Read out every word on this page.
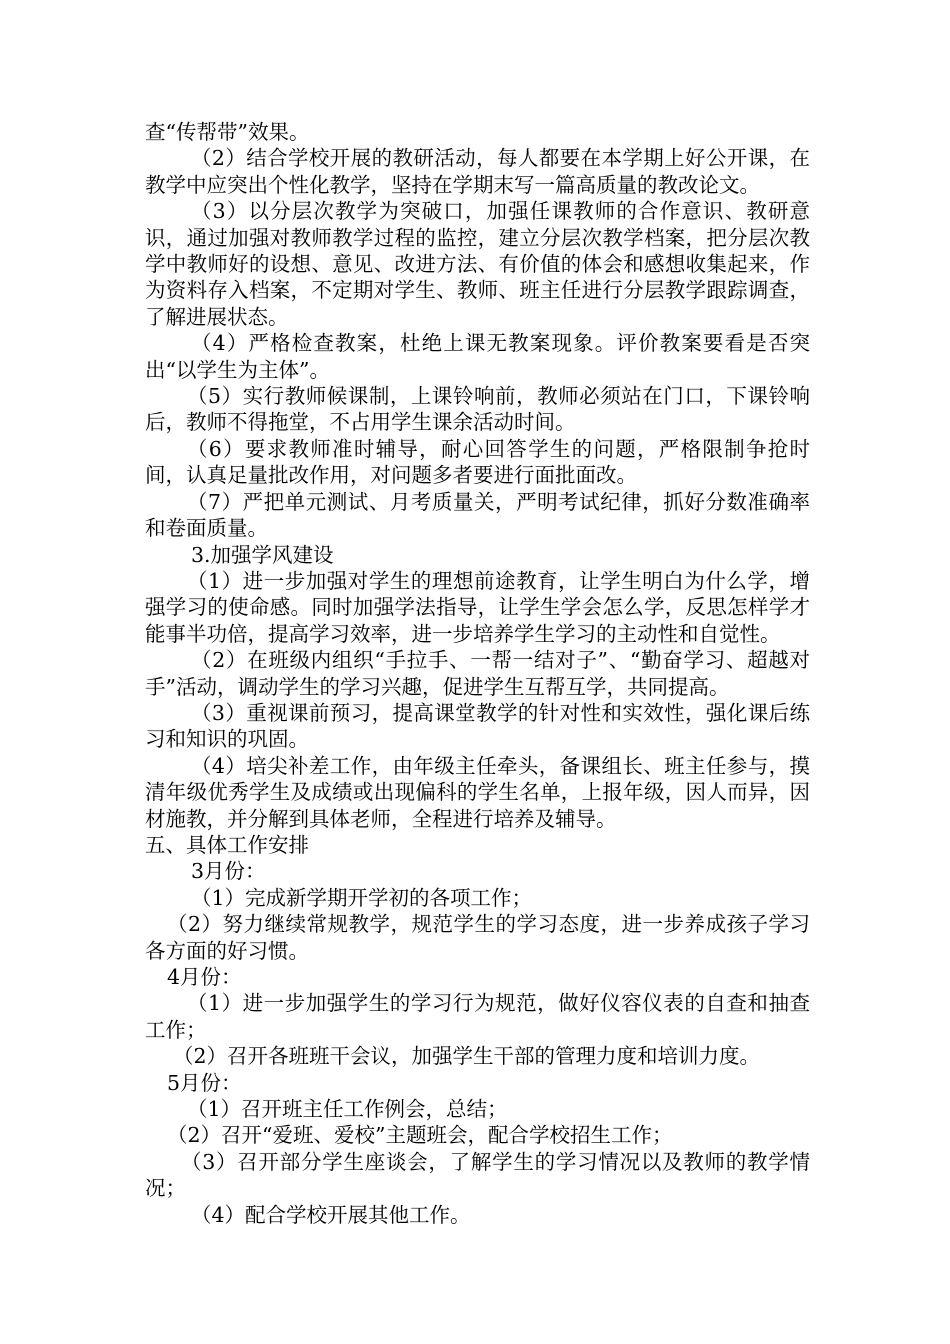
查“传帮带”效果。

（2）结合学校开展的教研活动，每人都要在本学期上好公开课，在教学中应突出个性化教学，坚持在学期末写一篇高质量的教改论文。

（3）以分层次教学为突破口，加强任课教师的合作意识、教研意识，通过加强对教师教学过程的监控，建立分层次教学档案，把分层次教学中教师好的设想、意见、改进方法、有价值的体会和感想收集起来，作为资料存入档案，不定期对学生、教师、班主任进行分层教学跟踪调查，了解进展状态。

（4）严格检查教案，杜绝上课无教案现象。评价教案要看是否突出“以学生为主体”。

（5）实行教师候课制，上课铃响前，教师必须站在门口，下课铃响后，教师不得拖堂，不占用学生课余活动时间。

（6）要求教师准时辅导，耐心回答学生的问题，严格限制争抢时间，认真足量批改作用，对问题多者要进行面批面改。

（7）严把单元测试、月考质量关，严明考试纪律，抓好分数准确率和卷面质量。

3.加强学风建设

（1）进一步加强对学生的理想前途教育，让学生明白为什么学，增强学习的使命感。同时加强学法指导，让学生学会怎么学，反思怎样学才能事半功倍，提高学习效率，进一步培养学生学习的主动性和自觉性。

（2）在班级内组织“手拉手、一帮一结对子”、“勤奋学习、超越对手”活动，调动学生的学习兴趣，促进学生互帮互学，共同提高。

（3）重视课前预习，提高课堂教学的针对性和实效性，强化课后练习和知识的巩固。

（4）培尖补差工作，由年级主任牵头，备课组长、班主任参与，摸清年级优秀学生及成绩或出现偏科的学生名单，上报年级，因人而异，因材施教，并分解到具体老师，全程进行培养及辅导。

五、具体工作安排

3月份：

（1）完成新学期开学初的各项工作；

（2）努力继续常规教学，规范学生的学习态度，进一步养成孩子学习各方面的好习惯。

4月份：

（1）进一步加强学生的学习行为规范，做好仪容仪表的自查和抽查工作；

（2）召开各班班干会议，加强学生干部的管理力度和培训力度。

5月份：

（1）召开班主任工作例会，总结；

（2）召开“爱班、爱校”主题班会，配合学校招生工作；

（3）召开部分学生座谈会，了解学生的学习情况以及教师的教学情况；

（4）配合学校开展其他工作。
